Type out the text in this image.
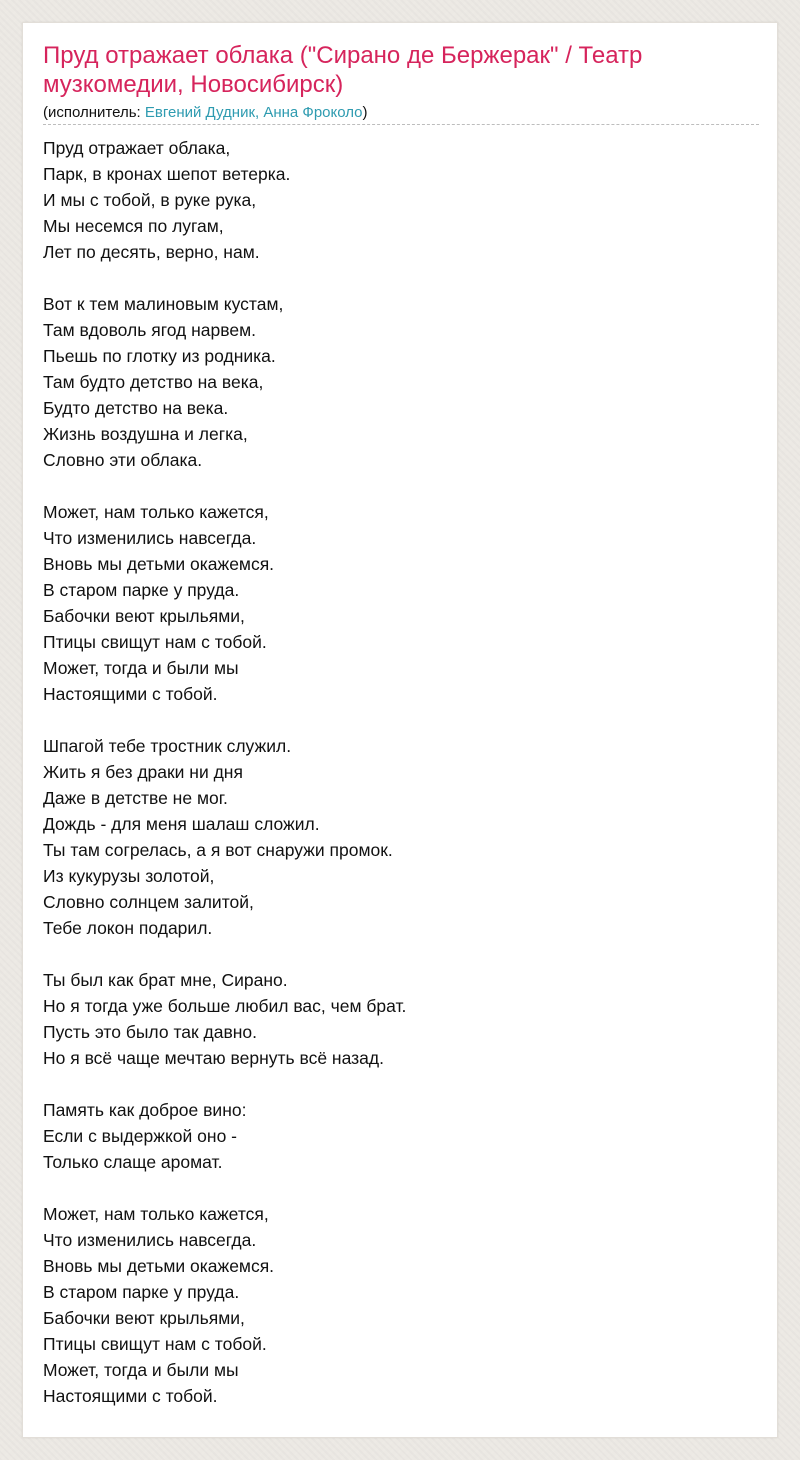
Пруд отражает облака ("Сирано де Бержерак" / Театр музкомедии, Новосибирск)
(исполнитель: Евгений Дудник, Анна Фроколо)
Пруд отражает облака,
Парк, в кронах шепот ветерка.
И мы с тобой, в руке рука,
Мы несемся по лугам,
Лет по десять, верно, нам.
Вот к тем малиновым кустам,
Там вдоволь ягод нарвем.
Пьешь по глотку из родника.
Там будто детство на века,
Будто детство на века.
Жизнь воздушна и легка,
Словно эти облака.
Может, нам только кажется,
Что изменились навсегда.
Вновь мы детьми окажемся.
В старом парке у пруда.
Бабочки веют крыльями,
Птицы свищут нам с тобой.
Может, тогда и были мы
Настоящими с тобой.
Шпагой тебе тростник служил.
Жить я без драки ни дня
Даже в детстве не мог.
Дождь - для меня шалаш сложил.
Ты там согрелась, а я вот снаружи промок.
Из кукурузы золотой,
Словно солнцем залитой,
Тебе локон подарил.
Ты был как брат мне, Сирано.
Но я тогда уже больше любил вас, чем брат.
Пусть это было так давно.
Но я всё чаще мечтаю вернуть всё назад.
Память как доброе вино:
Если с выдержкой оно -
Только слаще аромат.
Может, нам только кажется,
Что изменились навсегда.
Вновь мы детьми окажемся.
В старом парке у пруда.
Бабочки веют крыльями,
Птицы свищут нам с тобой.
Может, тогда и были мы
Настоящими с тобой.
